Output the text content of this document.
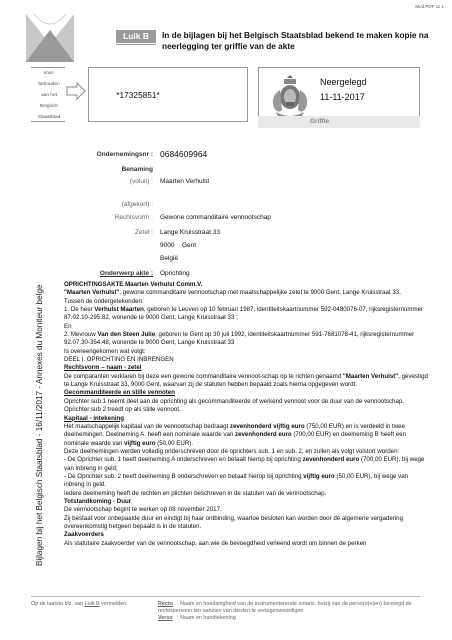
Mod PDF 11.1
Luik B	In de bijlagen bij het Belgisch Staatsblad bekend te maken kopie na neerlegging ter griffie van de akte
Voor-
behouden
aan het
Belgisch
Staatsblad
*17325851*
Neergelegd
11-11-2017
Griffie
Bijlagen bij het Belgisch Staatsblad - 16/11/2017 - Annexes du Moniteur belge
Ondernemingsnr : 0684609964
Benaming
(voluit) : Maarten Verhulst
(afgekort) :
Rechtsvorm : Gewone commanditaire vennootschap
Zetel : Lange Kruisstraat 33
9000 Gent
België
Onderwerp akte : Oprichting

OPRICHTINGSAKTE Maarten Verhulst Comm.V.

"Maarten Verhulst", gewone commanditaire vennootschap met maatschappelijke zetel te 9000 Gent, Lange Kruisstraat 33.

Tussen de ondergetekenden:

1. De heer Verhulst Maarten, geboren te Leuven op 10 februari 1987, identiteitskaartnummer 592-0480076-07, rijksregisternummer 87.02.10-295.82, wonende te 9000 Gent, Lange Kruisstraat 33 ;

En

2. Mevrouw Van den Steen Julie, geboren te Gent op 30 juli 1992, identiteitskaartnummer 591-7681078-41, rijksregisternummer 92.07.30-354.48, wonende te 9000 Gent, Lange Kruisstraat 33

Is overeengekomen wat volgt:

DEEL I. OPRICHTING EN INBRENGEN

Rechtsvorm – naam - zetel

De comparanten verklaren bij deze een gewone commanditaire vennoot-schap op te richten genaamd "Maarten Verhulst", gevestigd te Lange Kruisstraat 33, 9000 Gent, waarvan zij de statuten hebben bepaald zoals hierna opgegeven wordt.

Gecommanditeerde en stille vennoten

Oprichter sub 1 neemt deel aan de oprichting als gecommanditeerde of werkend vennoot voor de duur van de vennootschap.

Oprichter sub 2 treedt op als stille vennoot.

Kapitaal - intekening

Het maatschappelijk kapitaal van de vennootschap bedraagt zevenhonderd vijftig euro (750,00 EUR) en is verdeeld in twee deelnemingen. Deelneming A. heeft een nominale waarde van zevenhonderd euro (700,00 EUR) en deelneming B heeft een nominale waarde van vijftig euro (50,00 EUR).

Deze deelnemingen werden volledig onderschreven door de oprichters sub. 1 en sub. 2, en zullen als volgt volstort worden:

- De Oprichter sub. 1 heeft deelneming A onderschreven en betaalt hierop bij oprichting zevenhonderd euro (700,00 EUR), bij wege van inbreng in geld;

- De Oprichter sub. 2 heeft deelneming B onderschreven en betaalt hierop bij oprichting vijftig euro (50,00 EUR), bij wege van inbreng in geld.

Iedere deelneming heeft de rechten en plichten beschreven in de statuten van de vennootschap.

Totstandkoming - Duur

De vennootschap begint te werken op 08 november 2017.

Zij bestaat voor onbepaalde duur en eindigt bij haar ontbinding, waartoe besloten kan worden door de algemene vergadering overeenkomstig hetgeen bepaald is in de statuten.

Zaakvoerders

Als statutaire zaakvoerder van de vennootschap, aan wie de bevoegdheid verleend wordt om binnen de perken

Op de laatste blz. van Luik B vermelden:	Recto : Naam en hoedanigheid van de instrumenterende notaris, hetzij van de perso(o)n(en) bevoegd de rechtspersoon ten aanzien van derden te vertegenwoordigen
Verso : Naam en handtekening
